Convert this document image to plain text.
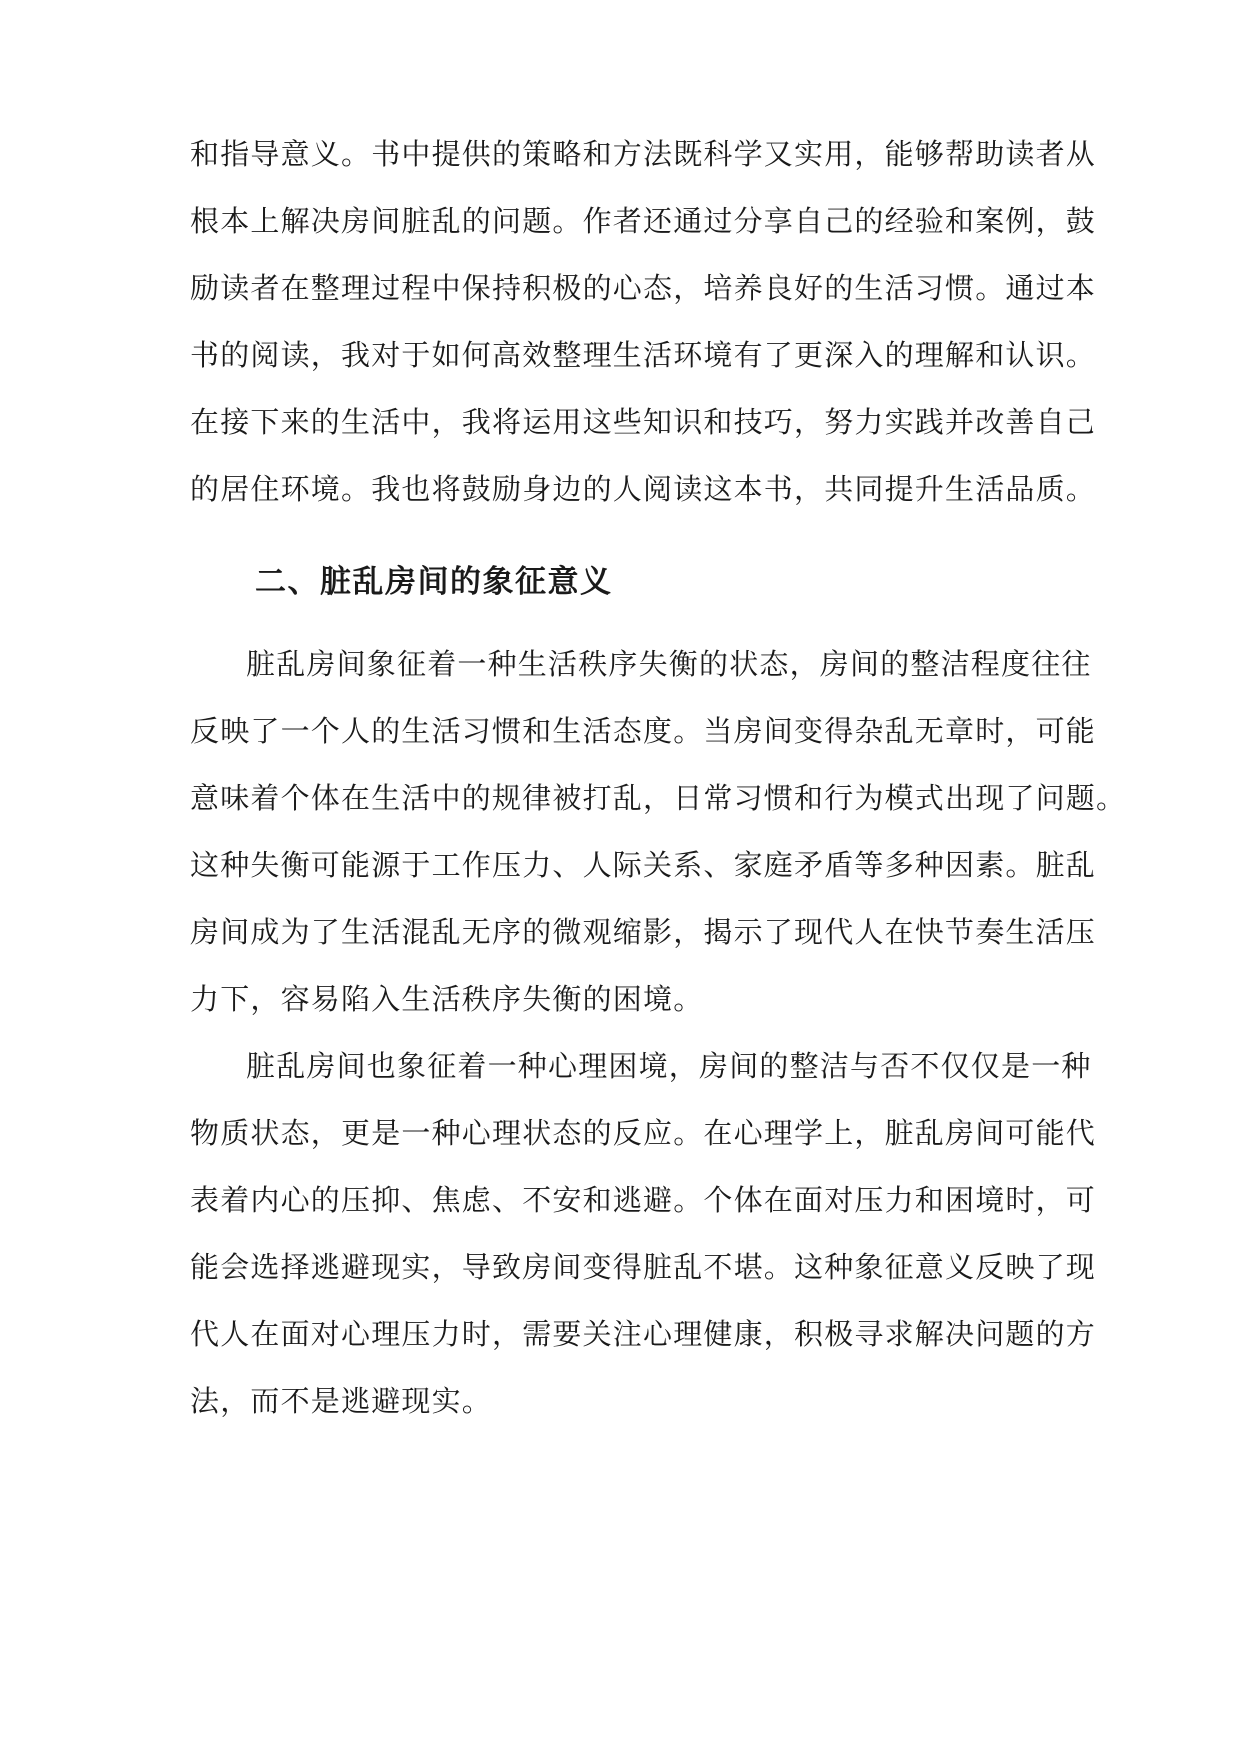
和指导意义。书中提供的策略和方法既科学又实用，能够帮助读者从
根本上解决房间脏乱的问题。作者还通过分享自己的经验和案例，鼓
励读者在整理过程中保持积极的心态，培养良好的生活习惯。通过本
书的阅读，我对于如何高效整理生活环境有了更深入的理解和认识。
在接下来的生活中，我将运用这些知识和技巧，努力实践并改善自己
的居住环境。我也将鼓励身边的人阅读这本书，共同提升生活品质。
二、脏乱房间的象征意义
脏乱房间象征着一种生活秩序失衡的状态，房间的整洁程度往往
反映了一个人的生活习惯和生活态度。当房间变得杂乱无章时，可能
意味着个体在生活中的规律被打乱，日常习惯和行为模式出现了问题。
这种失衡可能源于工作压力、人际关系、家庭矛盾等多种因素。脏乱
房间成为了生活混乱无序的微观缩影，揭示了现代人在快节奏生活压
力下，容易陷入生活秩序失衡的困境。
脏乱房间也象征着一种心理困境，房间的整洁与否不仅仅是一种
物质状态，更是一种心理状态的反应。在心理学上，脏乱房间可能代
表着内心的压抑、焦虑、不安和逃避。个体在面对压力和困境时，可
能会选择逃避现实，导致房间变得脏乱不堪。这种象征意义反映了现
代人在面对心理压力时，需要关注心理健康，积极寻求解决问题的方
法，而不是逃避现实。
